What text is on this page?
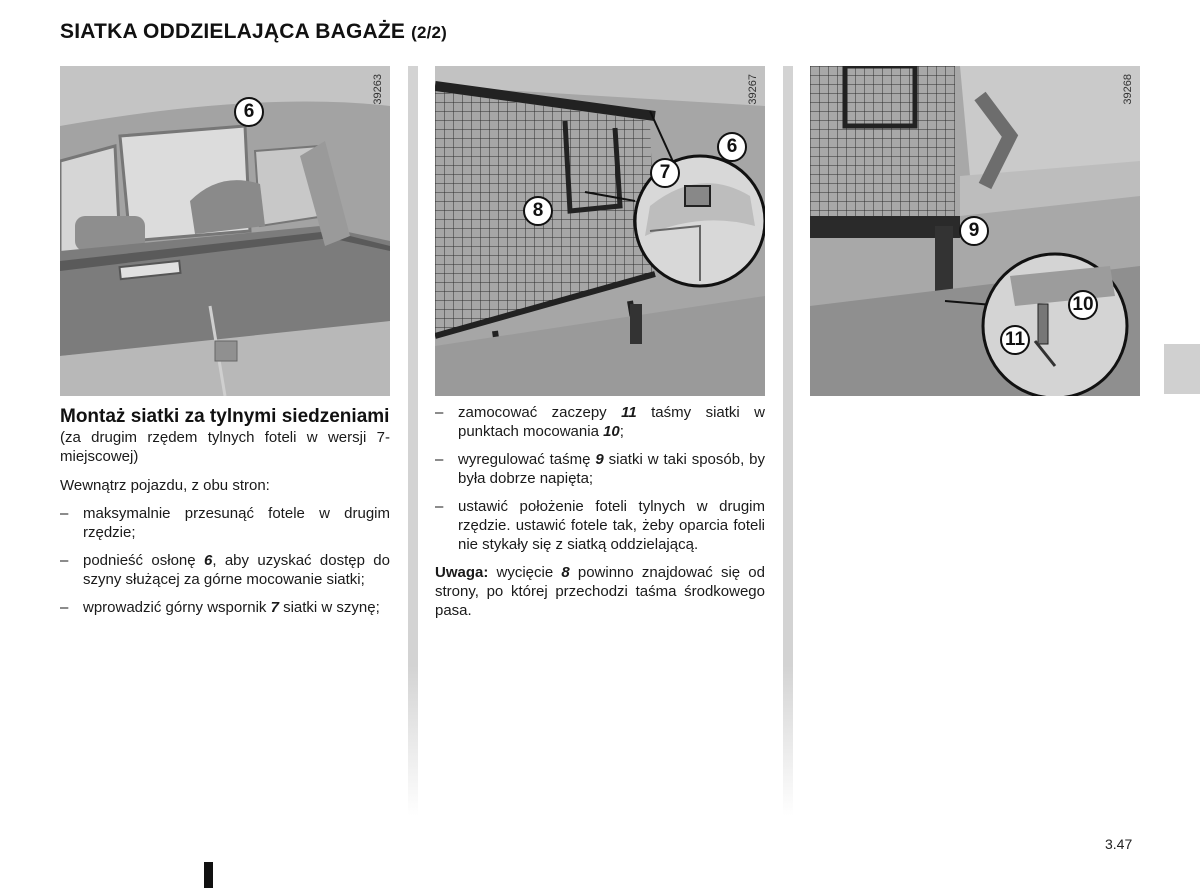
SIATKA ODDZIELAJĄCA BAGAŻE (2/2)
39263
6
39267
6
7
8
39268
9
10
11
Montaż siatki za tylnymi siedzeniami

(za drugim rzędem tylnych foteli w wersji 7-miejscowej)

Wewnątrz pojazdu, z obu stron:

– maksymalnie przesunąć fotele w drugim rzędzie;
– podnieść osłonę 6, aby uzyskać dostęp do szyny służącej za górne mocowanie siatki;
– wprowadzić górny wspornik 7 siatki w szynę;
– zamocować zaczepy 11 taśmy siatki w punktach mocowania 10;
– wyregulować taśmę 9 siatki w taki sposób, by była dobrze napięta;
– ustawić położenie foteli tylnych w drugim rzędzie. ustawić fotele tak, żeby oparcia foteli nie stykały się z siatką oddzielającą.

Uwaga: wycięcie 8 powinno znajdować się od strony, po której przechodzi taśma środkowego pasa.

3.47
